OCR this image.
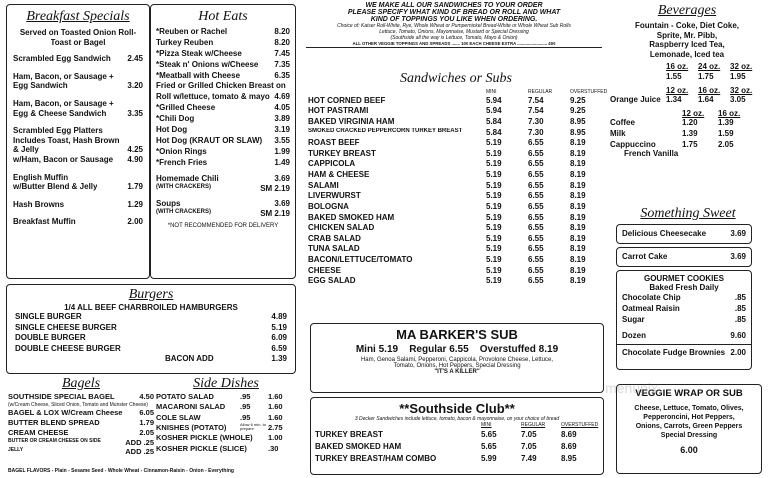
Breakfast Specials
Served on Toasted Onion Roll-
Toast or Bagel
Scrambled Egg Sandwich 2.45
Ham, Bacon, or Sausage +
Egg Sandwich	3.20
Ham, Bacon, or Sausage +
Egg & Cheese Sandwich	3.35
Scrambled Egg Platters
Includes Toast, Hash Brown
& Jelly	4.25
w/Ham, Bacon or Sausage 4.90
English Muffin
w/Butter Blend & Jelly	1.79
Hash Browns	1.29
Breakfast Muffin	2.00
Hot Eats
*Reuben or Rachel	8.20
Turkey Reuben	8.20
*Pizza Steak w/Cheese	7.45
*Steak n' Onions w/Cheese 7.35
*Meatball with Cheese	6.35
Fried or Grilled Chicken Breast on
Roll w/lettuce, tomato & mayo 4.69
*Grilled Cheese	4.05
*Chili Dog	3.89
Hot Dog	3.19
Hot Dog (KRAUT OR SLAW) 3.55
*Onion Rings	1.99
*French Fries	1.49
Homemade Chili	3.69
(WITH CRACKERS)	SM 2.19
Soups	3.69
(WITH CRACKERS)	SM 2.19
*NOT RECOMMENDED FOR DELIVERY
WE MAKE ALL OUR SANDWICHES TO YOUR ORDER
PLEASE SPECIFY WHAT KIND OF BREAD OR ROLL AND WHAT
KIND OF TOPPINGS YOU LIKE WHEN ORDERING.
Choice of: Kaiser Roll-White, Rye, Whole Wheat or Pumpernickel Bread-White or Whole Wheat Sub Rolls
Lettuce, Tomato, Onions, Mayonnaise, Mustard or Special Dressing
(Southside all the way is Lettuce, Tomato, Mayo & Onion)
ALL OTHER VEGGIE TOPPINGS AND SPREADS ....... 10¢ EACH CHEESE EXTRA ......................... 40¢
Sandwiches or Subs
MINI	REGULAR	OVERSTUFFED
HOT CORNED BEEF	5.94	7.54	9.25
HOT PASTRAMI	5.94	7.54	9.25
BAKED VIRGINIA HAM	5.84	7.30	8.95
SMOKED CRACKED PEPPERCORN TURKEY BREAST	5.84	7.30	8.95
ROAST BEEF	5.19	6.55	8.19
TURKEY BREAST	5.19	6.55	8.19
CAPPICOLA	5.19	6.55	8.19
HAM & CHEESE	5.19	6.55	8.19
SALAMI	5.19	6.55	8.19
LIVERWURST	5.19	6.55	8.19
BOLOGNA	5.19	6.55	8.19
BAKED SMOKED HAM	5.19	6.55	8.19
CHICKEN SALAD	5.19	6.55	8.19
CRAB SALAD	5.19	6.55	8.19
TUNA SALAD	5.19	6.55	8.19
BACON/LETTUCE/TOMATO	5.19	6.55	8.19
CHEESE	5.19	6.55	8.19
EGG SALAD	5.19	6.55	8.19
MA BARKER'S SUB
Mini 5.19    Regular 6.55    Overstuffed 8.19
Ham, Genoa Salami, Pepperoni, Cappicola, Provolone Cheese, Lettuce,
Tomato, Onions, Hot Peppers, Special Dressing
"IT'S A KILLER"
**Southside Club**
3 Decker Sandwiches include lettuce, tomato, bacon & mayonnaise, on your choice of bread
MINI	REGULAR	OVERSTUFFED
TURKEY BREAST	5.65	7.05	8.69
BAKED SMOKED HAM	5.65	7.05	8.69
TURKEY BREAST/HAM COMBO	5.99	7.49	8.95
Burgers
1/4 ALL BEEF CHARBROILED HAMBURGERS
SINGLE BURGER	4.89
SINGLE CHEESE BURGER	5.19
DOUBLE BURGER	6.09
DOUBLE CHEESE BURGER	6.59
BACON ADD	1.39
Bagels
SOUTHSIDE SPECIAL BAGEL	4.50
(w/Cream Cheese, Sliced Onion, Tomato and Munster Cheese)
BAGEL & LOX W/Cream Cheese 6.05
BUTTER BLEND SPREAD	1.79
CREAM CHEESE	2.05
BUTTER OR CREAM CHEESE ON SIDE	ADD .25
JELLY	ADD .25
Side Dishes
POTATO SALAD	.95	1.60
MACARONI SALAD	.95	1.60
COLE SLAW	.95	1.60
KNISHES (POTATO)	Allow 6 min. to prepare	2.75
KOSHER PICKLE (WHOLE) 1.00
KOSHER PICKLE (SLICE)	.30
BAGEL FLAVORS - Plain - Sesame Seed - Whole Wheat - Cinnamon-Raisin - Onion - Everything
Beverages
Fountain - Coke, Diet Coke,
Sprite, Mr. Pibb,
Raspberry Iced Tea,
Lemonade, Iced tea
16 oz.	24 oz.	32 oz.
1.55	1.75	1.95
12 oz.	16 oz.	32 oz.
Orange Juice 1.34	1.64	3.05
12 oz.	16 oz.
Coffee	1.20	1.39
Milk	1.39	1.59
Cappuccino	1.75	2.05
French Vanilla
Something Sweet
Delicious Cheesecake	3.69
Carrot Cake	3.69
GOURMET COOKIES
Baked Fresh Daily
Chocolate Chip	.85
Oatmeal Raisin	.85
Sugar	.85
Dozen	9.60
Chocolate Fudge Brownies 2.00
VEGGIE WRAP OR SUB
Cheese, Lettuce, Tomato, Olives,
Pepperoncini, Hot Peppers,
Onions, Carrots, Green Peppers
Special Dressing
6.00
menupix
